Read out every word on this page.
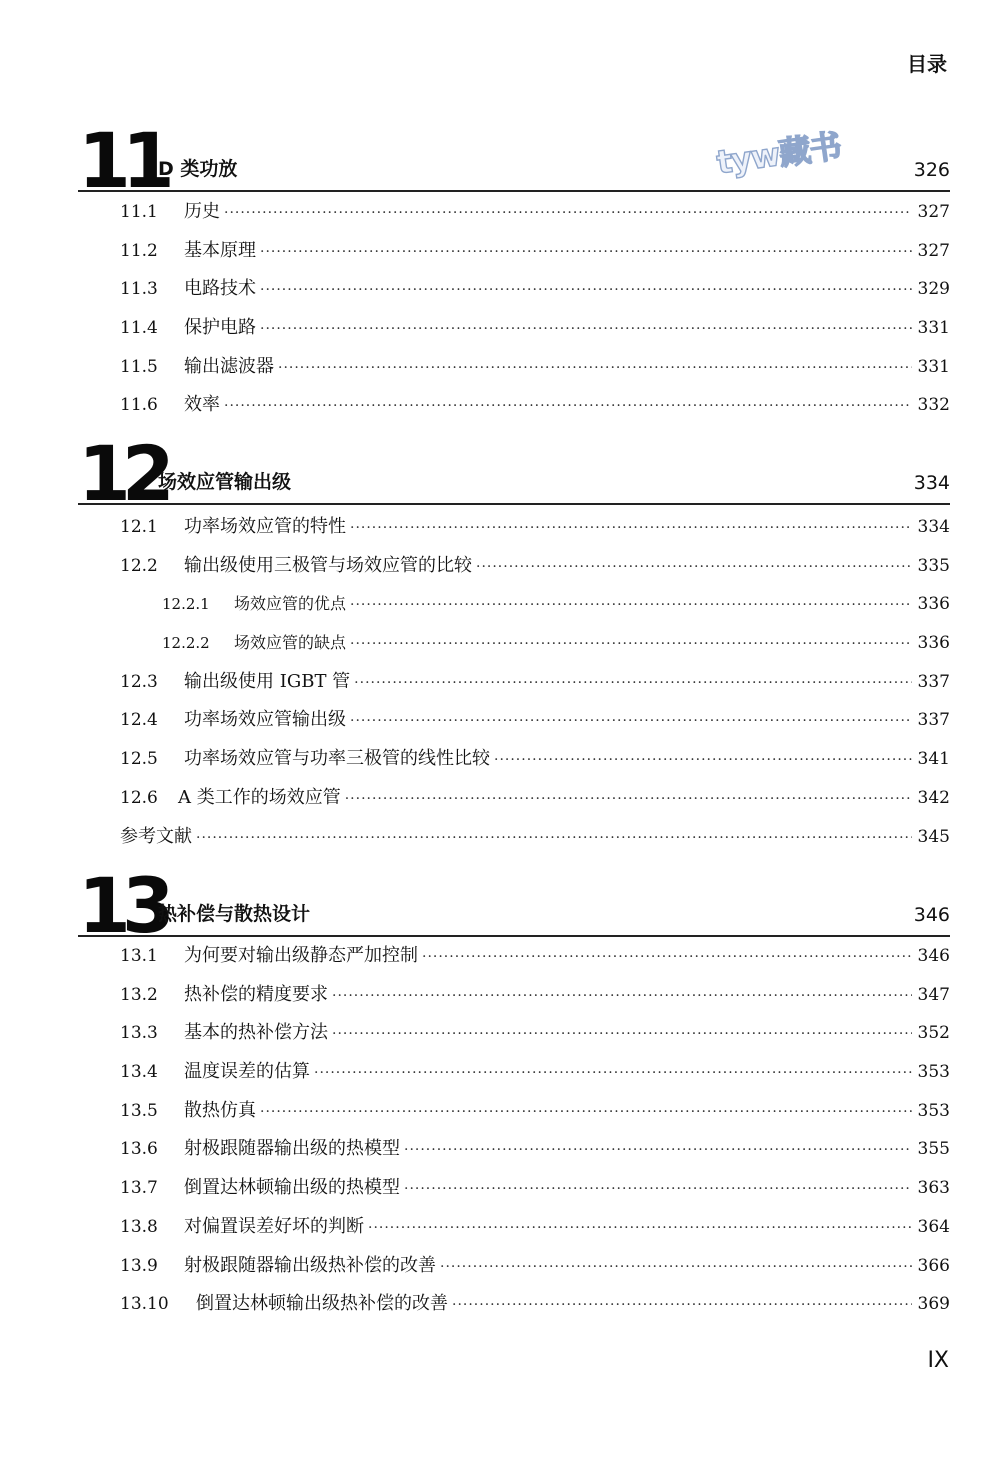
目录
tyw藏书
11
D 类功放	326
11.1	历史 ·····	327
11.2	基本原理 ·····	327
11.3	电路技术 ·····	329
11.4	保护电路 ·····	331
11.5	输出滤波器 ·····	331
11.6	效率 ·····	332
12
场效应管输出级	334
12.1	功率场效应管的特性 ·····	334
12.2	输出级使用三极管与场效应管的比较 ·····	335
12.2.1	场效应管的优点 ·····	336
12.2.2	场效应管的缺点 ·····	336
12.3	输出级使用 IGBT 管 ·····	337
12.4	功率场效应管输出级 ·····	337
12.5	功率场效应管与功率三极管的线性比较 ·····	341
12.6	A 类工作的场效应管 ·····	342
参考文献 ·····	345
13
热补偿与散热设计	346
13.1	为何要对输出级静态严加控制 ·····	346
13.2	热补偿的精度要求 ·····	347
13.3	基本的热补偿方法 ·····	352
13.4	温度误差的估算 ·····	353
13.5	散热仿真 ·····	353
13.6	射极跟随器输出级的热模型 ·····	355
13.7	倒置达林顿输出级的热模型 ·····	363
13.8	对偏置误差好坏的判断 ·····	364
13.9	射极跟随器输出级热补偿的改善 ·····	366
13.10	倒置达林顿输出级热补偿的改善 ·····	369
IX
